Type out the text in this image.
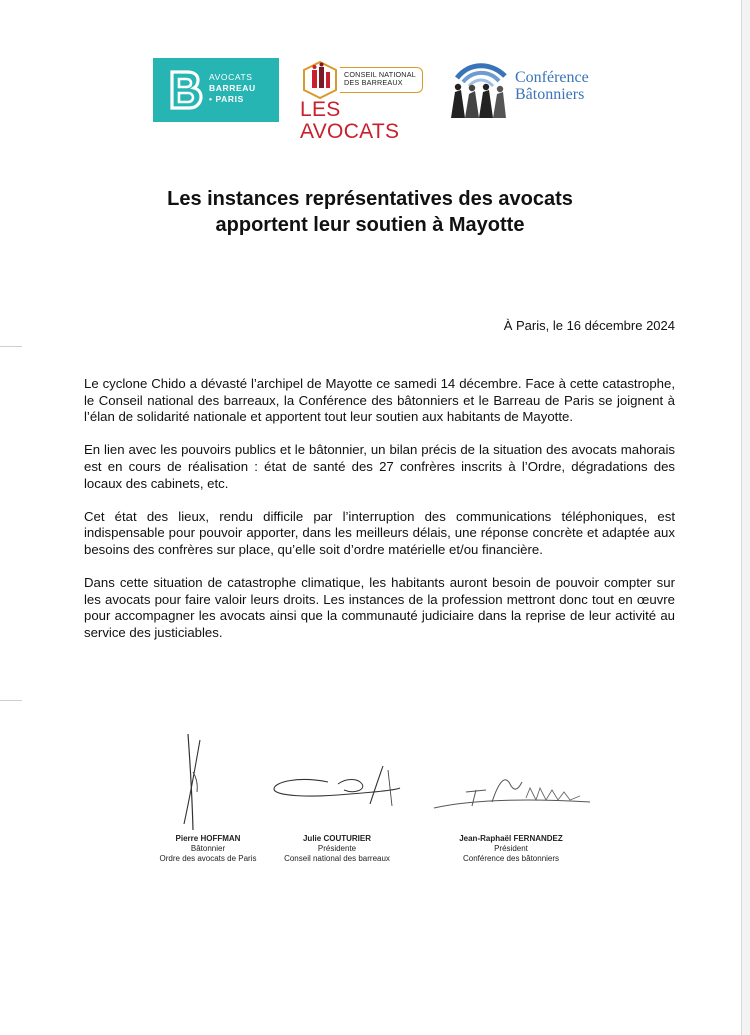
AVOCATS
BARREAU
• PARIS
CONSEIL NATIONAL
DES BARREAUX
LES AVOCATS
Conférence
Bâtonniers
Les instances représentatives des avocats
apportent leur soutien à Mayotte
À Paris, le 16 décembre 2024

Le cyclone Chido a dévasté l’archipel de Mayotte ce samedi 14 décembre. Face à cette catastrophe, le Conseil national des barreaux, la Conférence des bâtonniers et le Barreau de Paris se joignent à l’élan de solidarité nationale et apportent tout leur soutien aux habitants de Mayotte.

En lien avec les pouvoirs publics et le bâtonnier, un bilan précis de la situation des avocats mahorais est en cours de réalisation : état de santé des 27 confrères inscrits à l’Ordre, dégradations des locaux des cabinets, etc.

Cet état des lieux, rendu difficile par l’interruption des communications téléphoniques, est indispensable pour pouvoir apporter, dans les meilleurs délais, une réponse concrète et adaptée aux besoins des confrères sur place, qu’elle soit d’ordre matérielle et/ou financière.

Dans cette situation de catastrophe climatique, les habitants auront besoin de pouvoir compter sur les avocats pour faire valoir leurs droits. Les instances de la profession mettront donc tout en œuvre pour accompagner les avocats ainsi que la communauté judiciaire dans la reprise de leur activité au service des justiciables.

Pierre HOFFMAN
Bâtonnier
Ordre des avocats de Paris
Julie COUTURIER
Présidente
Conseil national des barreaux
Jean-Raphaël FERNANDEZ
Président
Conférence des bâtonniers
